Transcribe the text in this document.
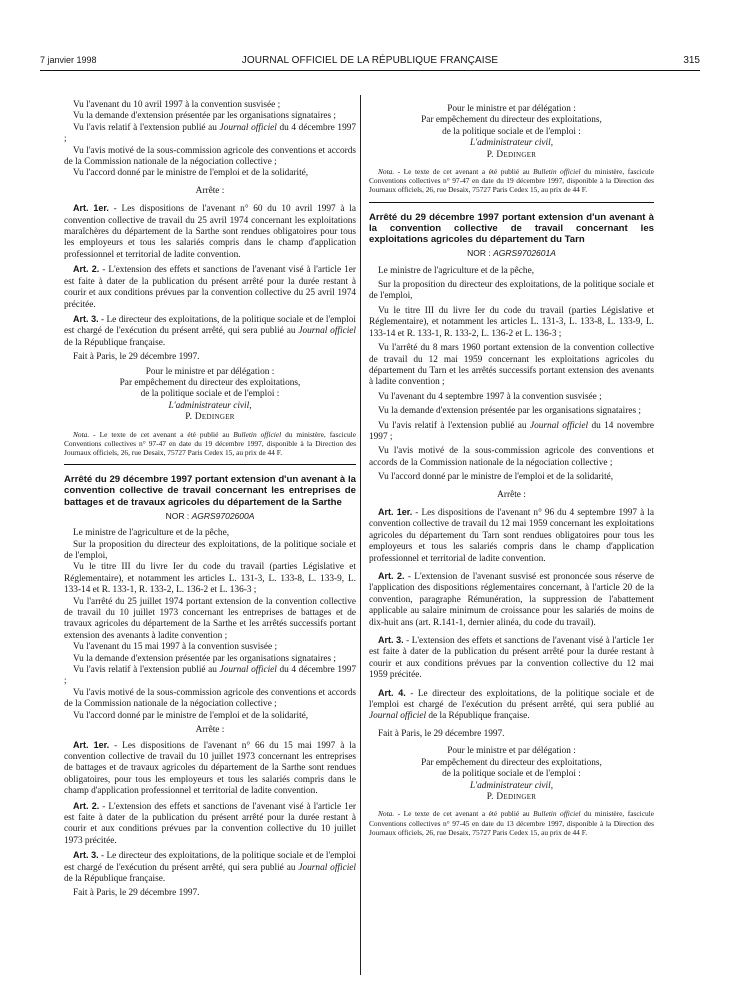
7 janvier 1998	JOURNAL OFFICIEL DE LA RÉPUBLIQUE FRANÇAISE	315

Vu l'avenant du 10 avril 1997 à la convention susvisée ;

Vu la demande d'extension présentée par les organisations signataires ;

Vu l'avis relatif à l'extension publié au Journal officiel du 4 décembre 1997 ;

Vu l'avis motivé de la sous-commission agricole des conventions et accords de la Commission nationale de la négociation collective ;

Vu l'accord donné par le ministre de l'emploi et de la solidarité,

Arrête :

Art. 1er. - Les dispositions de l'avenant n° 60 du 10 avril 1997 à la convention collective de travail du 25 avril 1974 concernant les exploitations maraîchères du département de la Sarthe sont rendues obligatoires pour tous les employeurs et tous les salariés compris dans le champ d'application professionnel et territorial de ladite convention.

Art. 2. - L'extension des effets et sanctions de l'avenant visé à l'article 1er est faite à dater de la publication du présent arrêté pour la durée restant à courir et aux conditions prévues par la convention collective du 25 avril 1974 précitée.

Art. 3. - Le directeur des exploitations, de la politique sociale et de l'emploi est chargé de l'exécution du présent arrêté, qui sera publié au Journal officiel de la République française.

Fait à Paris, le 29 décembre 1997.

Pour le ministre et par délégation :

Par empêchement du directeur des exploitations,

de la politique sociale et de l'emploi :

L'administrateur civil,

P. Dedinger

Nota. - Le texte de cet avenant a été publié au Bulletin officiel du ministère, fascicule Conventions collectives n° 97-47 en date du 19 décembre 1997, disponible à la Direction des Journaux officiels, 26, rue Desaix, 75727 Paris Cedex 15, au prix de 44 F.

Arrêté du 29 décembre 1997 portant extension d'un avenant à la convention collective de travail concernant les entreprises de battages et de travaux agricoles du département de la Sarthe

NOR : AGRS9702600A

Le ministre de l'agriculture et de la pêche,

Sur la proposition du directeur des exploitations, de la politique sociale et de l'emploi,

Vu le titre III du livre Ier du code du travail (parties Législative et Réglementaire), et notamment les articles L. 131-3, L. 133-8, L. 133-9, L. 133-14 et R. 133-1, R. 133-2, L. 136-2 et L. 136-3 ;

Vu l'arrêté du 25 juillet 1974 portant extension de la convention collective de travail du 10 juillet 1973 concernant les entreprises de battages et de travaux agricoles du département de la Sarthe et les arrêtés successifs portant extension des avenants à ladite convention ;

Vu l'avenant du 15 mai 1997 à la convention susvisée ;

Vu la demande d'extension présentée par les organisations signataires ;

Vu l'avis relatif à l'extension publié au Journal officiel du 4 décembre 1997 ;

Vu l'avis motivé de la sous-commission agricole des conventions et accords de la Commission nationale de la négociation collective ;

Vu l'accord donné par le ministre de l'emploi et de la solidarité,

Arrête :

Art. 1er. - Les dispositions de l'avenant n° 66 du 15 mai 1997 à la convention collective de travail du 10 juillet 1973 concernant les entreprises de battages et de travaux agricoles du département de la Sarthe sont rendues obligatoires, pour tous les employeurs et tous les salariés compris dans le champ d'application professionnel et territorial de ladite convention.

Art. 2. - L'extension des effets et sanctions de l'avenant visé à l'article 1er est faite à dater de la publication du présent arrêté pour la durée restant à courir et aux conditions prévues par la convention collective du 10 juillet 1973 précitée.

Art. 3. - Le directeur des exploitations, de la politique sociale et de l'emploi est chargé de l'exécution du présent arrêté, qui sera publié au Journal officiel de la République française.

Fait à Paris, le 29 décembre 1997.

Pour le ministre et par délégation :

Par empêchement du directeur des exploitations,

de la politique sociale et de l'emploi :

L'administrateur civil,

P. Dedinger

Nota. - Le texte de cet avenant a été publié au Bulletin officiel du ministère, fascicule Conventions collectives n° 97-47 en date du 19 décembre 1997, disponible à la Direction des Journaux officiels, 26, rue Desaix, 75727 Paris Cedex 15, au prix de 44 F.

Arrêté du 29 décembre 1997 portant extension d'un avenant à la convention collective de travail concernant les exploitations agricoles du département du Tarn

NOR : AGRS9702601A

Le ministre de l'agriculture et de la pêche,

Sur la proposition du directeur des exploitations, de la politique sociale et de l'emploi,

Vu le titre III du livre Ier du code du travail (parties Législative et Réglementaire), et notamment les articles L. 131-3, L. 133-8, L. 133-9, L. 133-14 et R. 133-1, R. 133-2, L. 136-2 et L. 136-3 ;

Vu l'arrêté du 8 mars 1960 portant extension de la convention collective de travail du 12 mai 1959 concernant les exploitations agricoles du département du Tarn et les arrêtés successifs portant extension des avenants à ladite convention ;

Vu l'avenant du 4 septembre 1997 à la convention susvisée ;

Vu la demande d'extension présentée par les organisations signataires ;

Vu l'avis relatif à l'extension publié au Journal officiel du 14 novembre 1997 ;

Vu l'avis motivé de la sous-commission agricole des conventions et accords de la Commission nationale de la négociation collective ;

Vu l'accord donné par le ministre de l'emploi et de la solidarité,

Arrête :

Art. 1er. - Les dispositions de l'avenant n° 96 du 4 septembre 1997 à la convention collective de travail du 12 mai 1959 concernant les exploitations agricoles du département du Tarn sont rendues obligatoires pour tous les employeurs et tous les salariés compris dans le champ d'application professionnel et territorial de ladite convention.

Art. 2. - L'extension de l'avenant susvisé est prononcée sous réserve de l'application des dispositions réglementaires concernant, à l'article 20 de la convention, paragraphe Rémunération, la suppression de l'abattement applicable au salaire minimum de croissance pour les salariés de moins de dix-huit ans (art. R.141-1, dernier alinéa, du code du travail).

Art. 3. - L'extension des effets et sanctions de l'avenant visé à l'article 1er est faite à dater de la publication du présent arrêté pour la durée restant à courir et aux conditions prévues par la convention collective du 12 mai 1959 précitée.

Art. 4. - Le directeur des exploitations, de la politique sociale et de l'emploi est chargé de l'exécution du présent arrêté, qui sera publié au Journal officiel de la République française.

Fait à Paris, le 29 décembre 1997.

Pour le ministre et par délégation :

Par empêchement du directeur des exploitations,

de la politique sociale et de l'emploi :

L'administrateur civil,

P. Dedinger

Nota. - Le texte de cet avenant a été publié au Bulletin officiel du ministère, fascicule Conventions collectives n° 97-45 en date du 13 décembre 1997, disponible à la Direction des Journaux officiels, 26, rue Desaix, 75727 Paris Cedex 15, au prix de 44 F.
